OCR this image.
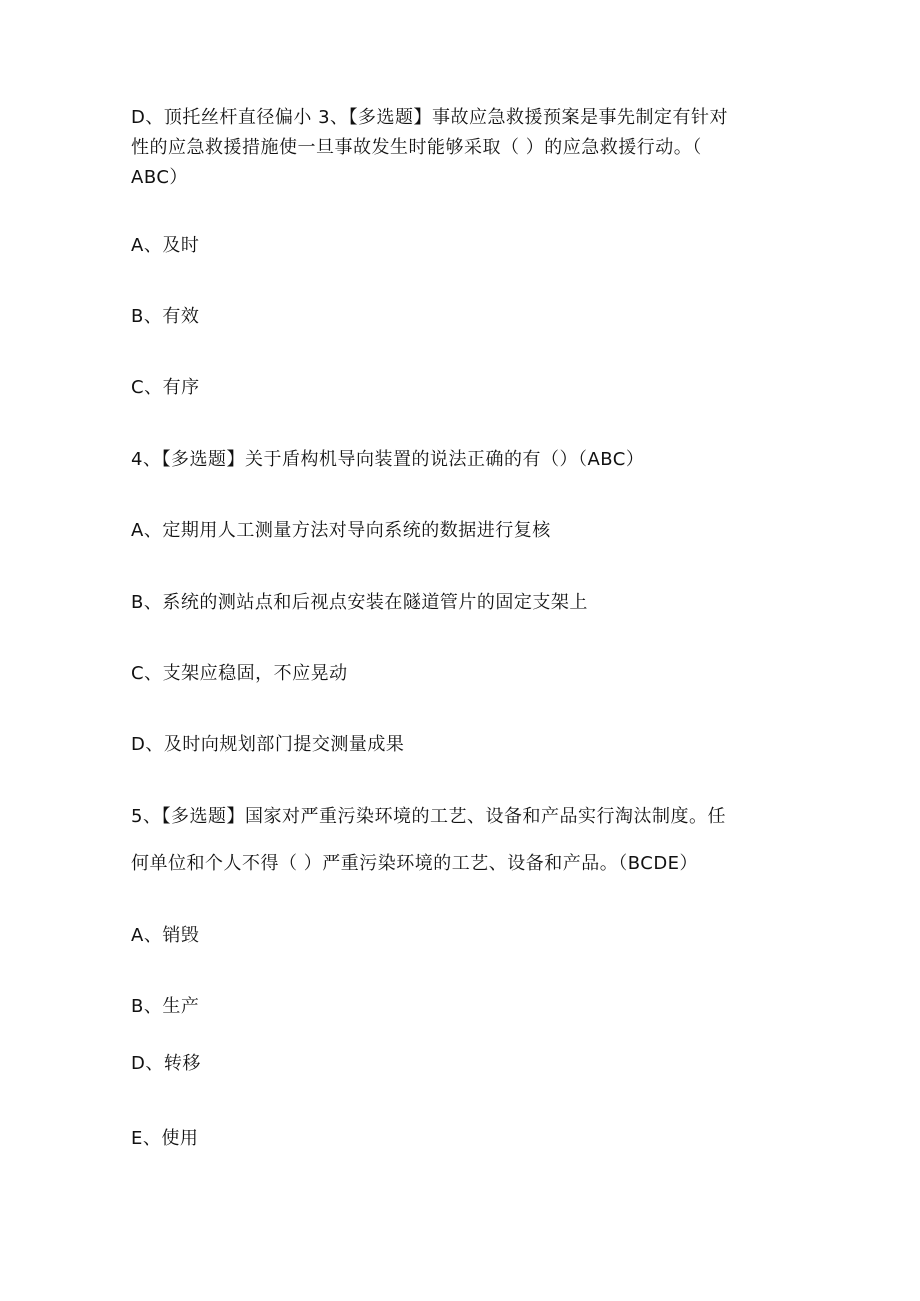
D、顶托丝杆直径偏小 3、【多选题】事故应急救援预案是事先制定有针对
性的应急救援措施使一旦事故发生时能够采取（ ）的应急救援行动。（
ABC）
A、及时
B、有效
C、有序
4、【多选题】关于盾构机导向装置的说法正确的有（）（ABC）
A、定期用人工测量方法对导向系统的数据进行复核
B、系统的测站点和后视点安装在隧道管片的固定支架上
C、支架应稳固，不应晃动
D、及时向规划部门提交测量成果
5、【多选题】国家对严重污染环境的工艺、设备和产品实行淘汰制度。任
何单位和个人不得（ ）严重污染环境的工艺、设备和产品。（BCDE）
A、销毁
B、生产
D、转移
E、使用
